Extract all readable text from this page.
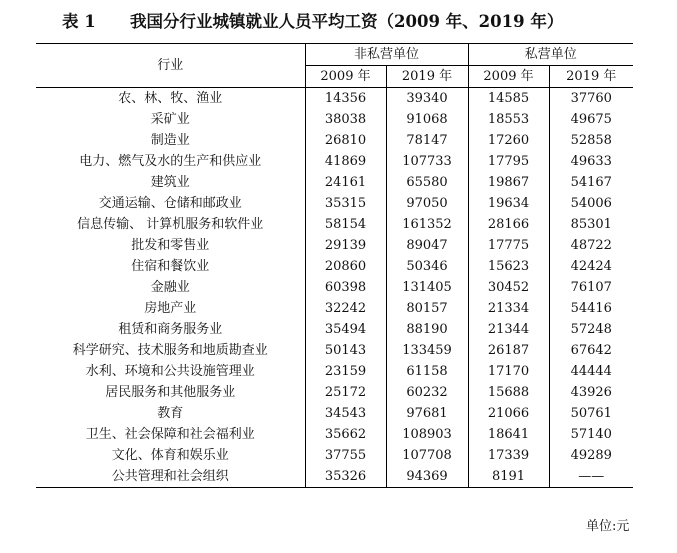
表 1 我国分行业城镇就业人员平均工资（2009 年、2019 年）
行业	非私营单位		私营单位	
	2009 年	2019 年	2009 年	2019 年
农、林、牧、渔业	14356	39340	14585	37760
采矿业	38038	91068	18553	49675
制造业	26810	78147	17260	52858
电力、燃气及水的生产和供应业	41869	107733	17795	49633
建筑业	24161	65580	19867	54167
交通运输、仓储和邮政业	35315	97050	19634	54006
信息传输、 计算机服务和软件业	58154	161352	28166	85301
批发和零售业	29139	89047	17775	48722
住宿和餐饮业	20860	50346	15623	42424
金融业	60398	131405	30452	76107
房地产业	32242	80157	21334	54416
租赁和商务服务业	35494	88190	21344	57248
科学研究、技术服务和地质勘查业	50143	133459	26187	67642
水利、环境和公共设施管理业	23159	61158	17170	44444
居民服务和其他服务业	25172	60232	15688	43926
教育	34543	97681	21066	50761
卫生、社会保障和社会福利业	35662	108903	18641	57140
文化、体育和娱乐业	37755	107708	17339	49289
公共管理和社会组织	35326	94369	8191	——
单位:元
